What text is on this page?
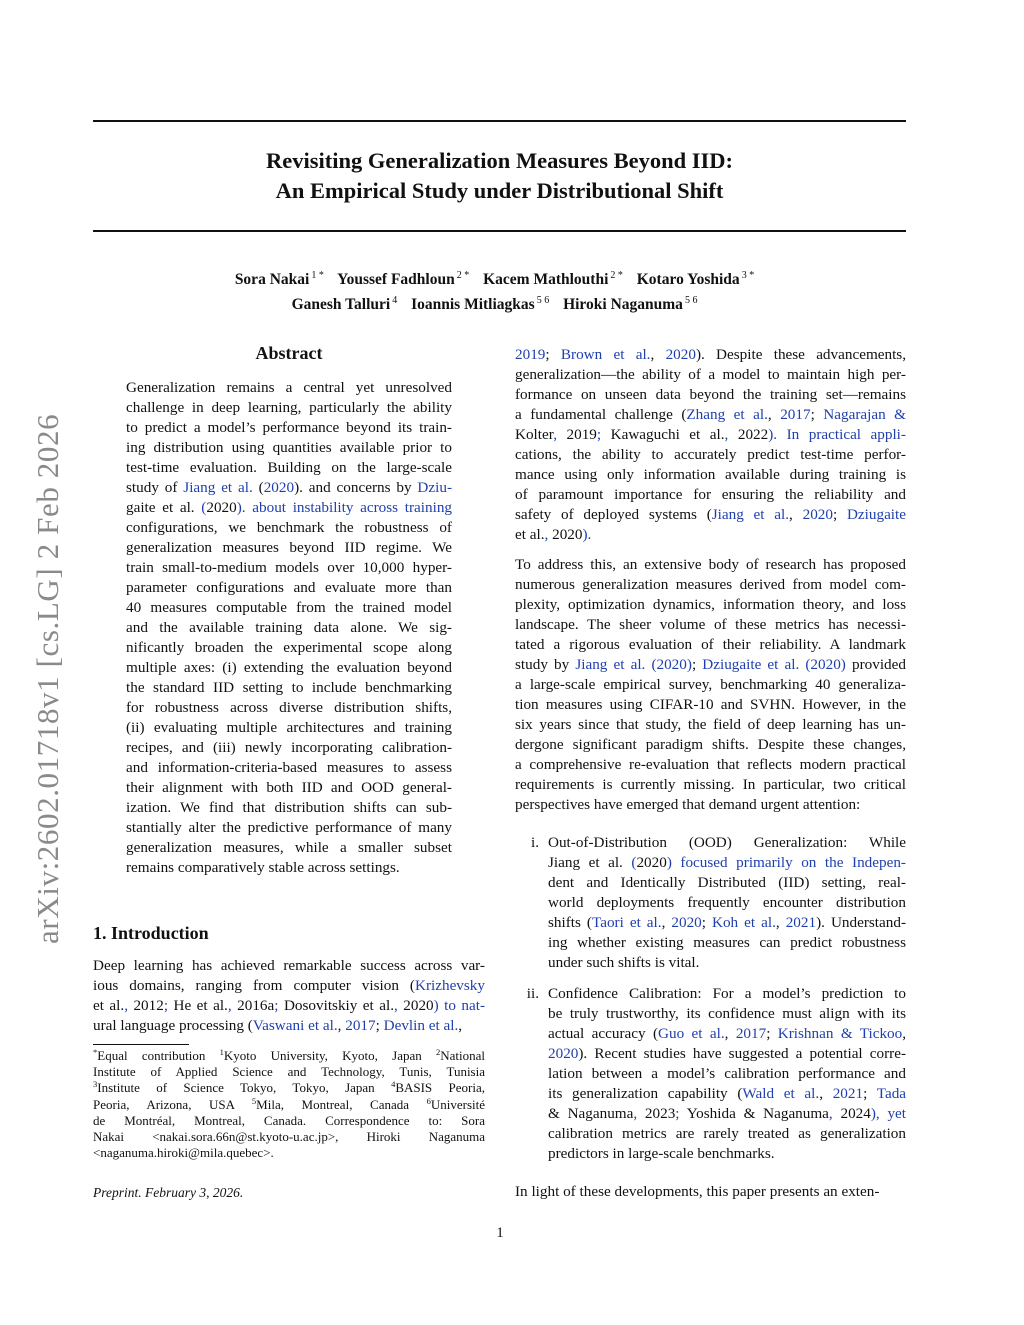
Revisiting Generalization Measures Beyond IID:
An Empirical Study under Distributional Shift
Sora Nakai $^{1 *}$ Youssef Fadhloun $^{2 *}$ Kacem Mathlouthi $^{2 *}$ Kotaro Yoshida $^{3 *}$
Ganesh Talluri $^4$ Ioannis Mitliagkas $^{5 6}$ Hiroki Naganuma $^{5 6}$
arXiv:2602.01718v1 [cs.LG] 2 Feb 2026
Abstract
Generalization remains a central yet unresolved
challenge in deep learning, particularly the ability
to predict a model’s performance beyond its train-
ing distribution using quantities available prior to
test-time evaluation. Building on the large-scale
study of Jiang et al. (2020). and concerns by Dziu-
gaite et al. (2020). about instability across training
configurations, we benchmark the robustness of
generalization measures beyond IID regime. We
train small-to-medium models over 10,000 hyper-
parameter configurations and evaluate more than
40 measures computable from the trained model
and the available training data alone. We sig-
nificantly broaden the experimental scope along
multiple axes: (i) extending the evaluation beyond
the standard IID setting to include benchmarking
for robustness across diverse distribution shifts,
(ii) evaluating multiple architectures and training
recipes, and (iii) newly incorporating calibration-
and information-criteria-based measures to assess
their alignment with both IID and OOD general-
ization. We find that distribution shifts can sub-
stantially alter the predictive performance of many
generalization measures, while a smaller subset
remains comparatively stable across settings.
1. Introduction
Deep learning has achieved remarkable success across var-
ious domains, ranging from computer vision (Krizhevsky
et al., 2012; He et al., 2016a; Dosovitskiy et al., 2020) to nat-
ural language processing (Vaswani et al., 2017; Devlin et al.,
*Equal contribution $^1$Kyoto University, Kyoto, Japan $^2$National
Institute of Applied Science and Technology, Tunis, Tunisia
$^3$Institute of Science Tokyo, Tokyo, Japan $^4$BASIS Peoria,
Peoria, Arizona, USA $^5$Mila, Montreal, Canada $^6$Université
de Montréal, Montreal, Canada. Correspondence to: Sora
Nakai <nakai.sora.66n@st.kyoto-u.ac.jp>, Hiroki Naganuma
<naganuma.hiroki@mila.quebec>.
Preprint. February 3, 2026.
2019; Brown et al., 2020). Despite these advancements,
generalization—the ability of a model to maintain high per-
formance on unseen data beyond the training set—remains
a fundamental challenge (Zhang et al., 2017; Nagarajan &
Kolter, 2019; Kawaguchi et al., 2022). In practical appli-
cations, the ability to accurately predict test-time perfor-
mance using only information available during training is
of paramount importance for ensuring the reliability and
safety of deployed systems (Jiang et al., 2020; Dziugaite
et al., 2020).
To address this, an extensive body of research has proposed
numerous generalization measures derived from model com-
plexity, optimization dynamics, information theory, and loss
landscape. The sheer volume of these metrics has necessi-
tated a rigorous evaluation of their reliability. A landmark
study by Jiang et al. (2020); Dziugaite et al. (2020) provided
a large-scale empirical survey, benchmarking 40 generaliza-
tion measures using CIFAR-10 and SVHN. However, in the
six years since that study, the field of deep learning has un-
dergone significant paradigm shifts. Despite these changes,
a comprehensive re-evaluation that reflects modern practical
requirements is currently missing. In particular, two critical
perspectives have emerged that demand urgent attention:
i. Out-of-Distribution (OOD) Generalization: While
Jiang et al. (2020) focused primarily on the Indepen-
dent and Identically Distributed (IID) setting, real-
world deployments frequently encounter distribution
shifts (Taori et al., 2020; Koh et al., 2021). Understand-
ing whether existing measures can predict robustness
under such shifts is vital.
ii. Confidence Calibration: For a model’s prediction to
be truly trustworthy, its confidence must align with its
actual accuracy (Guo et al., 2017; Krishnan & Tickoo,
2020). Recent studies have suggested a potential corre-
lation between a model’s calibration performance and
its generalization capability (Wald et al., 2021; Tada
& Naganuma, 2023; Yoshida & Naganuma, 2024), yet
calibration metrics are rarely treated as generalization
predictors in large-scale benchmarks.
In light of these developments, this paper presents an exten-
1
